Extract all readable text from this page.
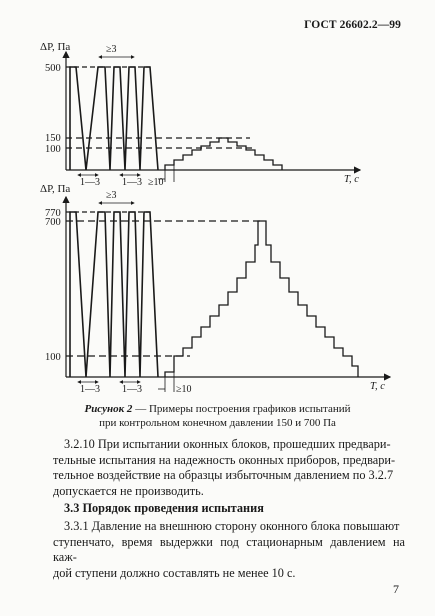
ГОСТ 26602.2—99
ΔP, Па
500
150
100
T, с
≥3
1—3 1—3 ≥10
ΔP, Па
770
700
100
T, с
≥3
1—3 1—3	≥10
Рисунок 2 — Примеры построения графиков испытаний
при контрольном конечном давлении 150 и 700 Па
3.2.10 При испытании оконных блоков, прошедших предвари-
тельные испытания на надежность оконных приборов, предвари-
тельное воздействие на образцы избыточным давлением по 3.2.7
допускается не производить.
3.3 Порядок проведения испытания
3.3.1 Давление на внешнюю сторону оконного блока повышают
ступенчато, время выдержки под стационарным давлением на каж-
дой ступени должно составлять не менее 10 с.
7
